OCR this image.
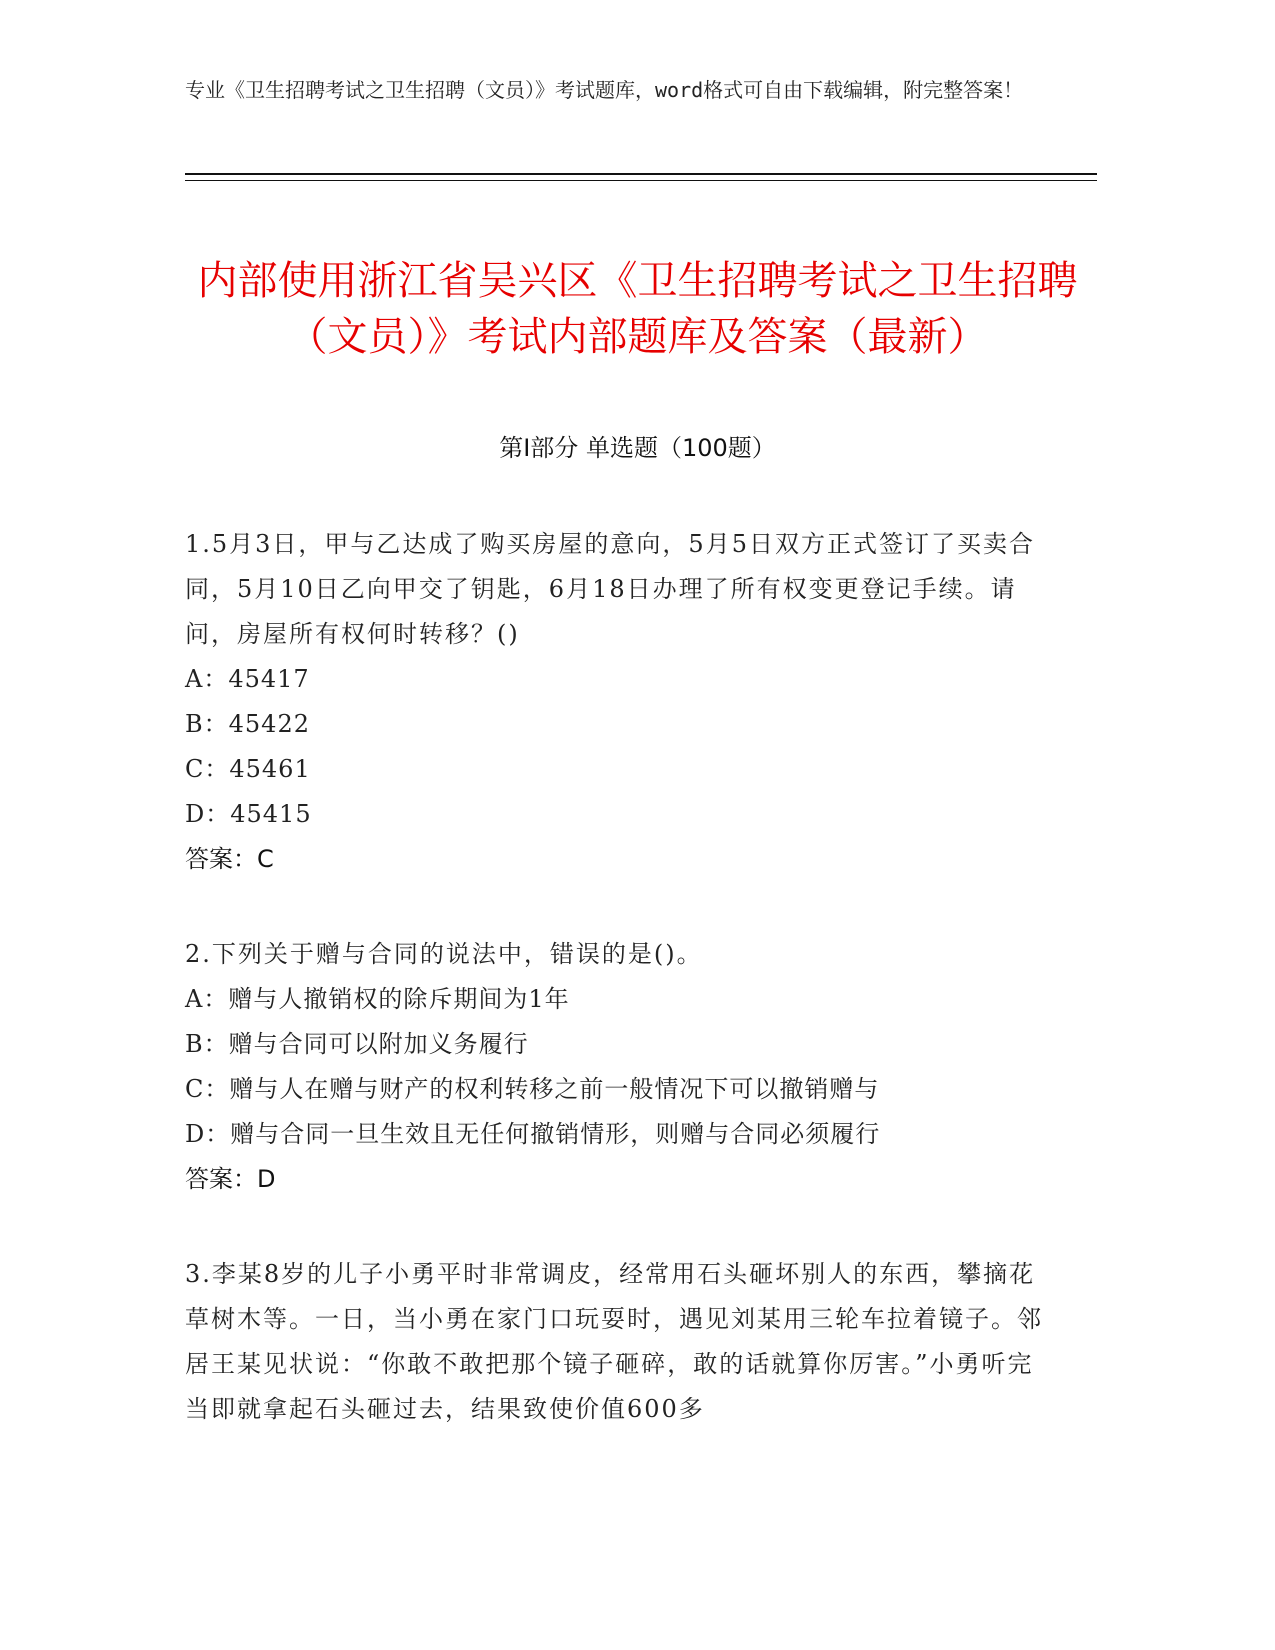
专业《卫生招聘考试之卫生招聘（文员）》考试题库，word格式可自由下载编辑，附完整答案！
内部使用浙江省吴兴区《卫生招聘考试之卫生招聘（文员）》考试内部题库及答案（最新）
第Ⅰ部分 单选题（100题）
1.5月3日，甲与乙达成了购买房屋的意向，5月5日双方正式签订了买卖合同，5月10日乙向甲交了钥匙，6月18日办理了所有权变更登记手续。请问，房屋所有权何时转移？()
A：45417
B：45422
C：45461
D：45415
答案：C
2.下列关于赠与合同的说法中，错误的是()。
A：赠与人撤销权的除斥期间为1年
B：赠与合同可以附加义务履行
C：赠与人在赠与财产的权利转移之前一般情况下可以撤销赠与
D：赠与合同一旦生效且无任何撤销情形，则赠与合同必须履行
答案：D
3.李某8岁的儿子小勇平时非常调皮，经常用石头砸坏别人的东西，攀摘花草树木等。一日，当小勇在家门口玩耍时，遇见刘某用三轮车拉着镜子。邻居王某见状说：“你敢不敢把那个镜子砸碎，敢的话就算你厉害。”小勇听完当即就拿起石头砸过去，结果致使价值600多
